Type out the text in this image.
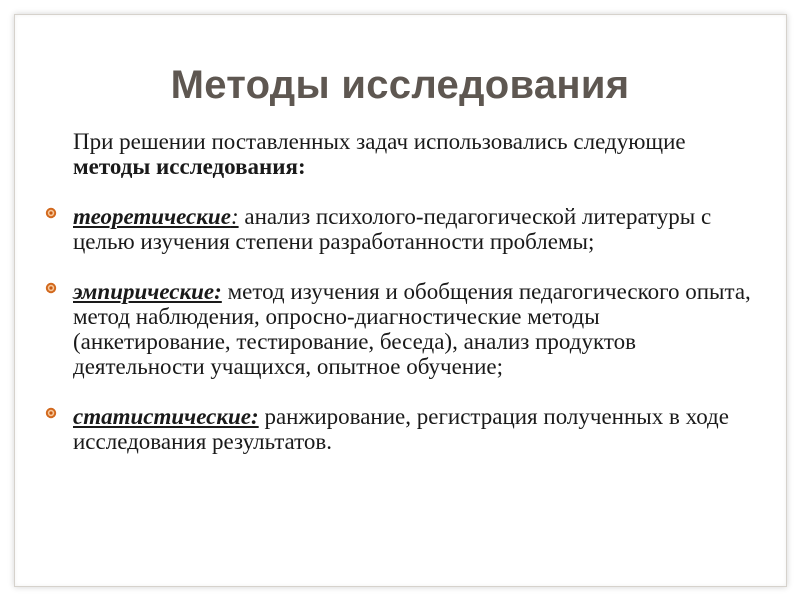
Методы исследования

При решении поставленных задач использовались следующие методы исследования:

теоретические: анализ психолого-педагогической литературы с целью изучения степени разработанности проблемы;

эмпирические: метод изучения и обобщения педагогического опыта, метод наблюдения, опросно-диагностические методы (анкетирование, тестирование, беседа), анализ продуктов деятельности учащихся, опытное обучение;

статистические: ранжирование, регистрация полученных в ходе исследования результатов.
